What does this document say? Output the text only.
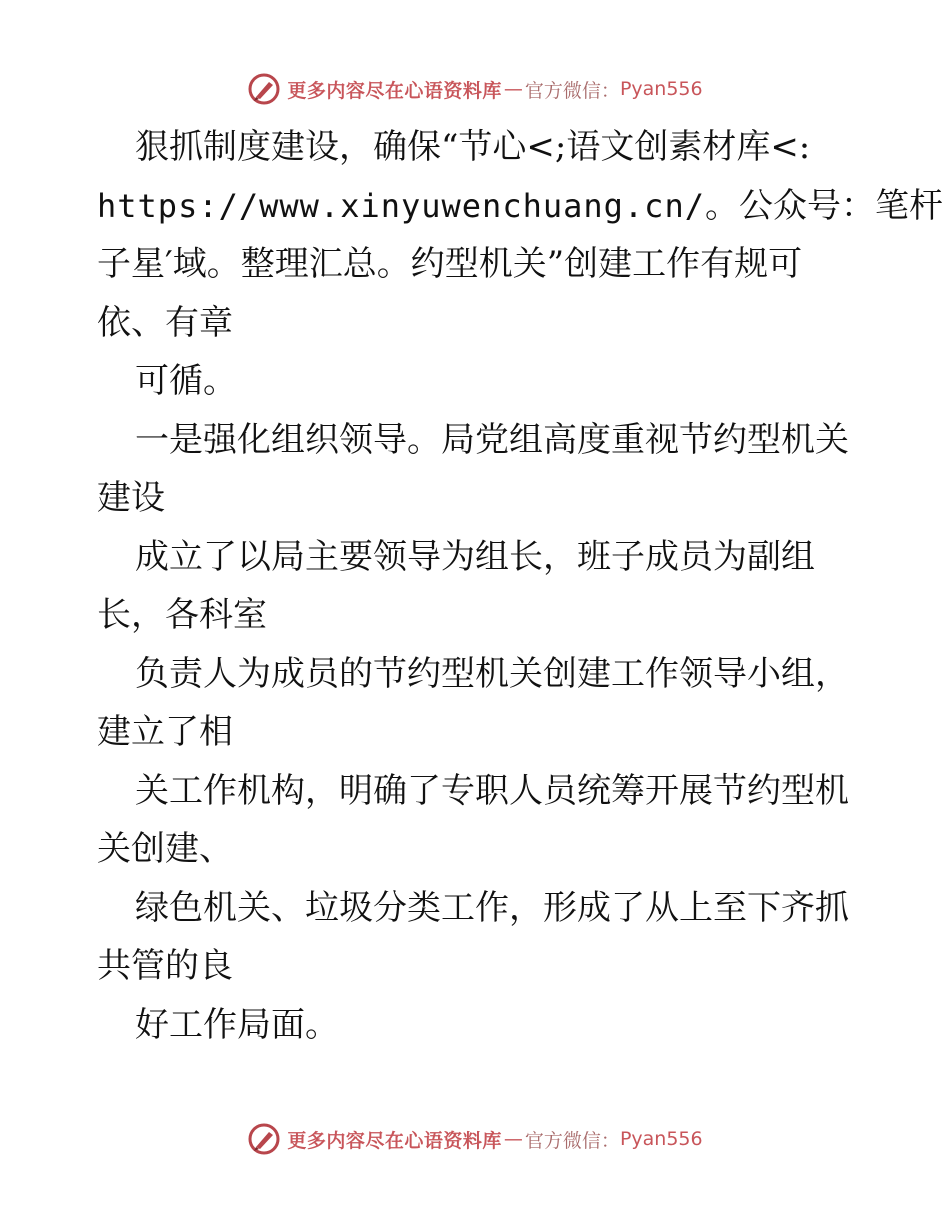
更多内容尽在心语资料库 — 官方微信： Pyan556
狠抓制度建设，确保“节心<;语文创素材库<:
https://www.xinyuwenchuang.cn/。公众号：笔杆
子星′域。整理汇总。约型机关”创建工作有规可
依、有章
可循。
一是强化组织领导。局党组高度重视节约型机关
建设
成立了以局主要领导为组长，班子成员为副组
长，各科室
负责人为成员的节约型机关创建工作领导小组，
建立了相
关工作机构，明确了专职人员统筹开展节约型机
关创建、
绿色机关、垃圾分类工作，形成了从上至下齐抓
共管的良
好工作局面。
更多内容尽在心语资料库 — 官方微信： Pyan556
